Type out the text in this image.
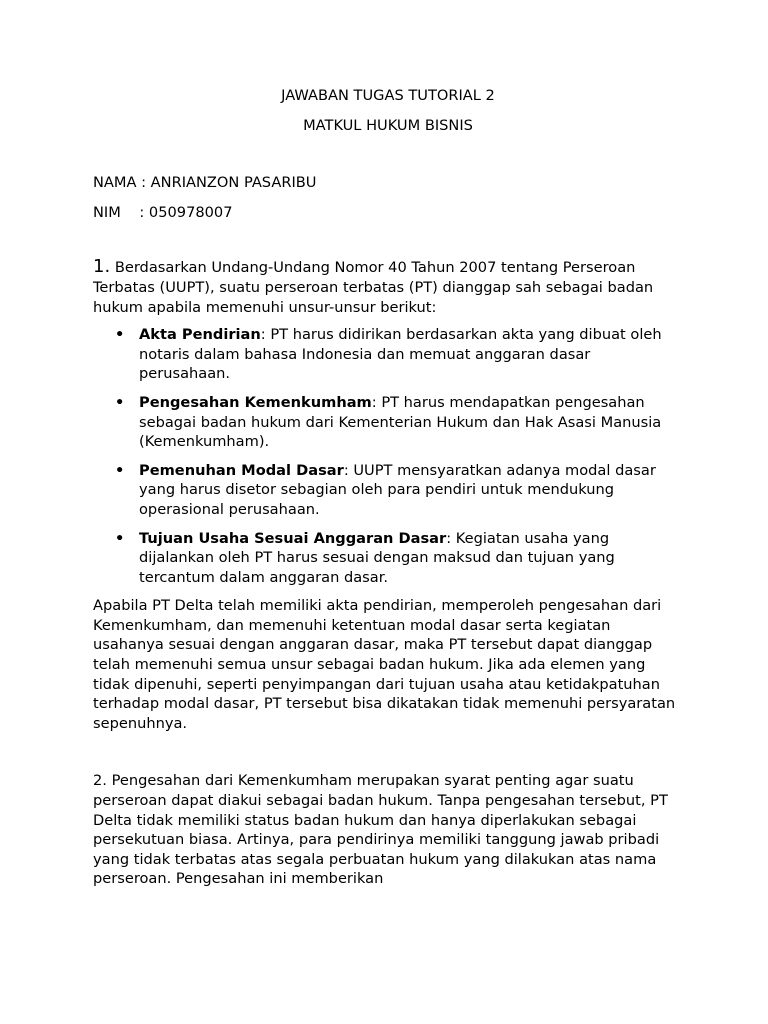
JAWABAN TUGAS TUTORIAL 2

MATKUL HUKUM BISNIS

NAMA : ANRIANZON PASARIBU

NIM    : 050978007

1. Berdasarkan Undang-Undang Nomor 40 Tahun 2007 tentang Perseroan Terbatas (UUPT), suatu perseroan terbatas (PT) dianggap sah sebagai badan hukum apabila memenuhi unsur-unsur berikut:

• Akta Pendirian: PT harus didirikan berdasarkan akta yang dibuat oleh notaris dalam bahasa Indonesia dan memuat anggaran dasar perusahaan.
• Pengesahan Kemenkumham: PT harus mendapatkan pengesahan sebagai badan hukum dari Kementerian Hukum dan Hak Asasi Manusia (Kemenkumham).
• Pemenuhan Modal Dasar: UUPT mensyaratkan adanya modal dasar yang harus disetor sebagian oleh para pendiri untuk mendukung operasional perusahaan.
• Tujuan Usaha Sesuai Anggaran Dasar: Kegiatan usaha yang dijalankan oleh PT harus sesuai dengan maksud dan tujuan yang tercantum dalam anggaran dasar.

Apabila PT Delta telah memiliki akta pendirian, memperoleh pengesahan dari Kemenkumham, dan memenuhi ketentuan modal dasar serta kegiatan usahanya sesuai dengan anggaran dasar, maka PT tersebut dapat dianggap telah memenuhi semua unsur sebagai badan hukum. Jika ada elemen yang tidak dipenuhi, seperti penyimpangan dari tujuan usaha atau ketidakpatuhan terhadap modal dasar, PT tersebut bisa dikatakan tidak memenuhi persyaratan sepenuhnya.

2. Pengesahan dari Kemenkumham merupakan syarat penting agar suatu perseroan dapat diakui sebagai badan hukum. Tanpa pengesahan tersebut, PT Delta tidak memiliki status badan hukum dan hanya diperlakukan sebagai persekutuan biasa. Artinya, para pendirinya memiliki tanggung jawab pribadi yang tidak terbatas atas segala perbuatan hukum yang dilakukan atas nama perseroan. Pengesahan ini memberikan
